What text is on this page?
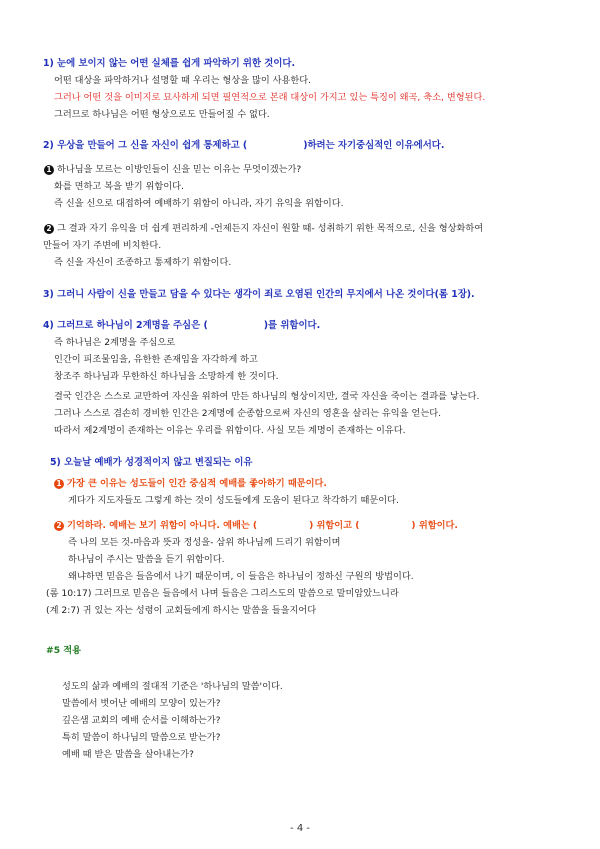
1) 눈에 보이지 않는 어떤 실체를 쉽게 파악하기 위한 것이다.
어떤 대상을 파악하거나 설명할 때 우리는 형상을 많이 사용한다.
그러나 어떤 것을 이미지로 묘사하게 되면 필연적으로 본래 대상이 가지고 있는 특징이 왜곡, 축소, 변형된다.
그러므로 하나님은 어떤 형상으로도 만들어질 수 없다.
2) 우상을 만들어 그 신을 자신이 쉽게 통제하고 (	)하려는 자기중심적인 이유에서다.
1 하나님을 모르는 이방인들이 신을 믿는 이유는 무엇이겠는가?
화를 면하고 복을 받기 위함이다.
즉 신을 신으로 대접하여 예배하기 위함이 아니라, 자기 유익을 위함이다.
2 그 결과 자기 유익을 더 쉽게 편리하게 -언제든지 자신이 원할 때- 성취하기 위한 목적으로, 신을 형상화하여
만들어 자기 주변에 비치한다.
즉 신을 자신이 조종하고 통제하기 위함이다.
3) 그러니 사람이 신을 만들고 담을 수 있다는 생각이 죄로 오염된 인간의 무지에서 나온 것이다(롬 1장).
4) 그러므로 하나님이 2계명을 주심은 (	)를 위함이다.
즉 하나님은 2계명을 주심으로
인간이 피조물임을, 유한한 존재임을 자각하게 하고
창조주 하나님과 무한하신 하나님을 소망하게 한 것이다.
결국 인간은 스스로 교만하여 자신을 위하여 만든 하나님의 형상이지만, 결국 자신을 죽이는 결과를 낳는다.
그러나 스스로 겸손히 경비한 인간은 2계명에 순종함으로써 자신의 영혼을 살리는 유익을 얻는다.
따라서 제2계명이 존재하는 이유는 우리를 위함이다. 사실 모든 계명이 존재하는 이유다.
5) 오늘날 예배가 성경적이지 않고 변질되는 이유
1 가장 큰 이유는 성도들이 인간 중심적 예배를 좋아하기 때문이다.
게다가 지도자들도 그렇게 하는 것이 성도들에게 도움이 된다고 착각하기 때문이다.
2 기억하라. 예배는 보기 위함이 아니다. 예배는 (	) 위함이고 (	) 위함이다.
즉 나의 모든 것-마음과 뜻과 정성을- 삼위 하나님께 드리기 위함이며
하나님이 주시는 말씀을 듣기 위함이다.
왜냐하면 믿음은 들음에서 나기 때문이며, 이 들음은 하나님이 정하신 구원의 방법이다.
(롬 10:17) 그러므로 믿음은 들음에서 나며 들음은 그리스도의 말씀으로 말미암았느니라
(계 2:7) 귀 있는 자는 성령이 교회들에게 하시는 말씀을 들을지어다
#5 적용
성도의 삶과 예배의 절대적 기준은 '하나님의 말씀'이다.
말씀에서 벗어난 예배의 모양이 있는가?
깊은샘 교회의 예배 순서를 이해하는가?
특히 말씀이 하나님의 말씀으로 받는가?
예배 때 받은 말씀을 살아내는가?
- 4 -
